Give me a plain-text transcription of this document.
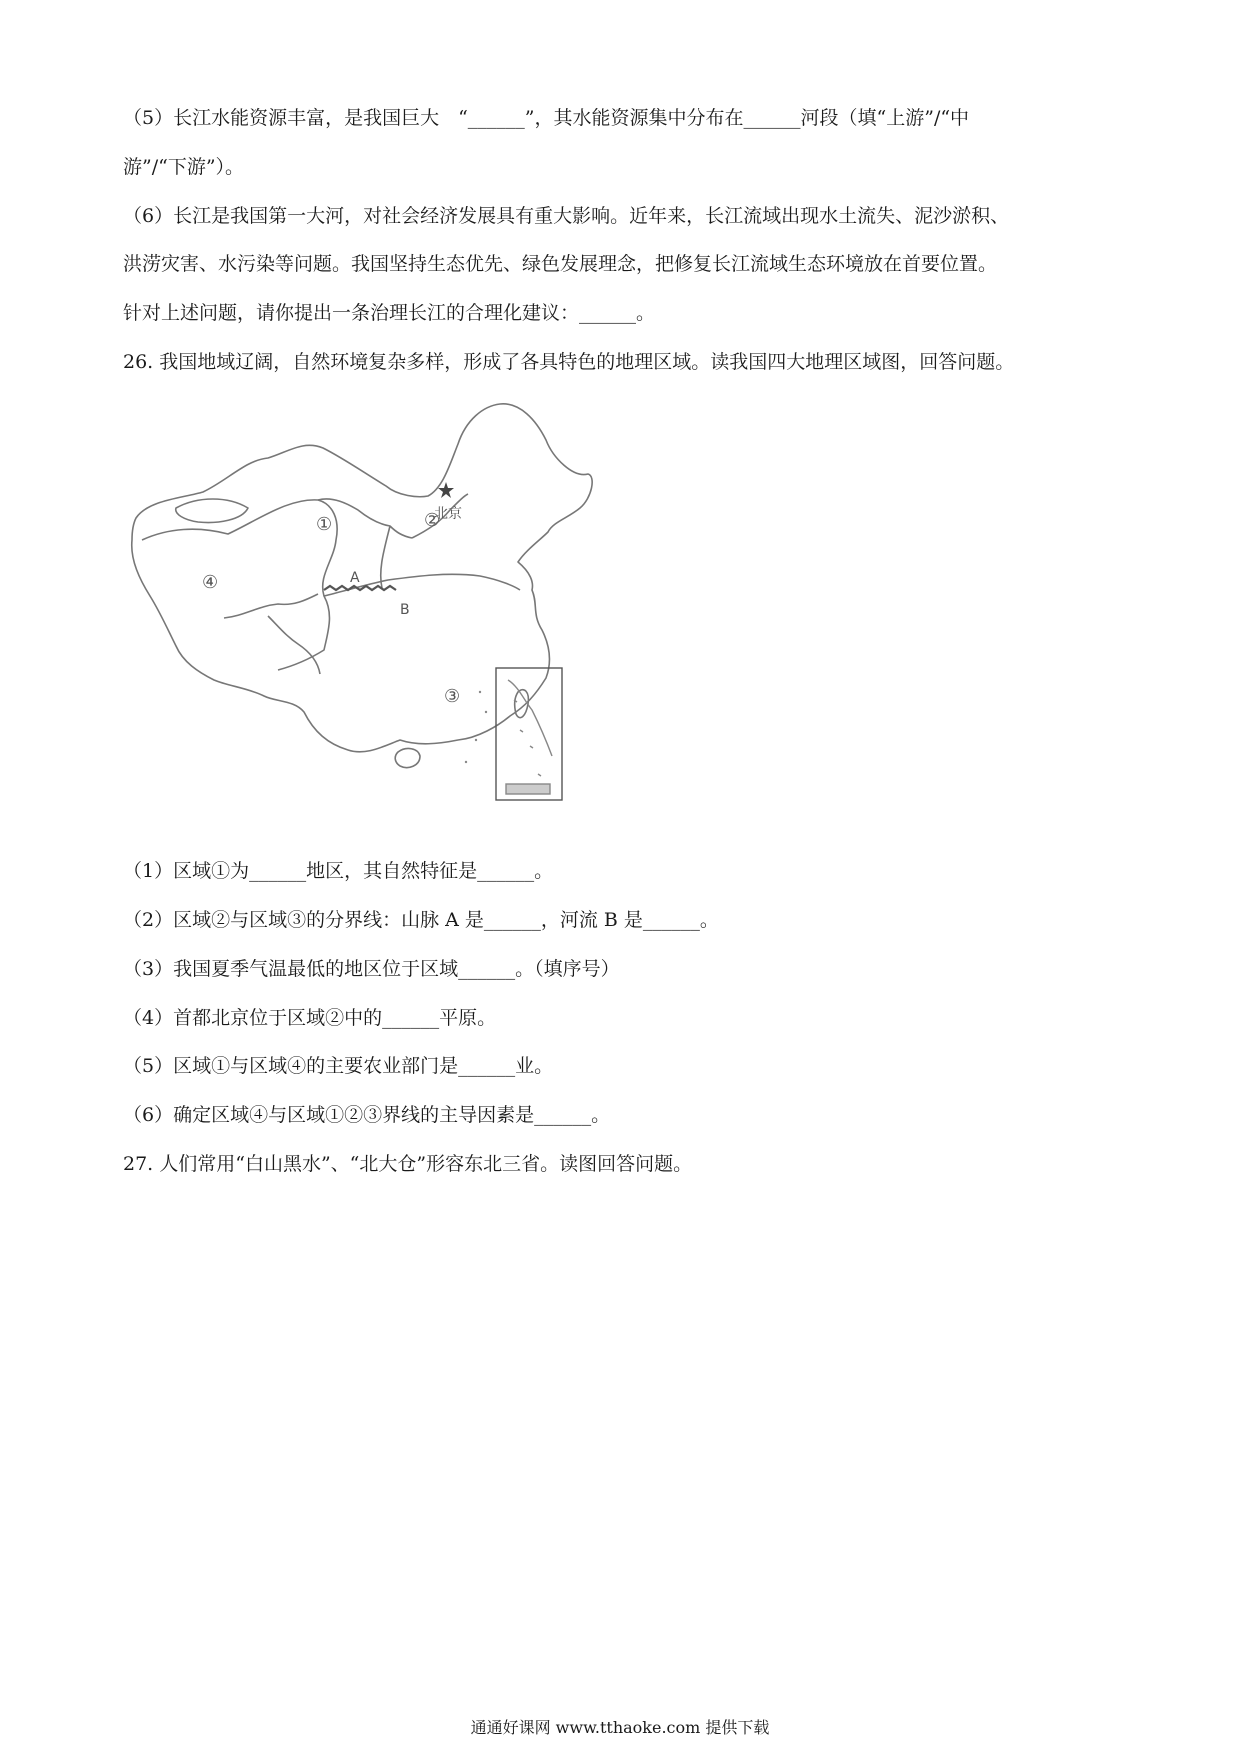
（5）长江水能资源丰富，是我国巨大　“______”，其水能资源集中分布在______河段（填“上游”/“中
游”/“下游”）。
（6）长江是我国第一大河，对社会经济发展具有重大影响。近年来，长江流域出现水土流失、泥沙淤积、
洪涝灾害、水污染等问题。我国坚持生态优先、绿色发展理念，把修复长江流域生态环境放在首要位置。
针对上述问题，请你提出一条治理长江的合理化建议：______。
26. 我国地域辽阔，自然环境复杂多样，形成了各具特色的地理区域。读我国四大地理区域图，回答问题。
①	②
③
④	A
B
北京
（1）区域①为______地区，其自然特征是______。
（2）区域②与区域③的分界线：山脉 A 是______，河流 B 是______。
（3）我国夏季气温最低的地区位于区域______。（填序号）
（4）首都北京位于区域②中的______平原。
（5）区域①与区域④的主要农业部门是______业。
（6）确定区域④与区域①②③界线的主导因素是______。
27. 人们常用“白山黑水”、“北大仓”形容东北三省。读图回答问题。
通通好课网 www.tthaoke.com 提供下载
